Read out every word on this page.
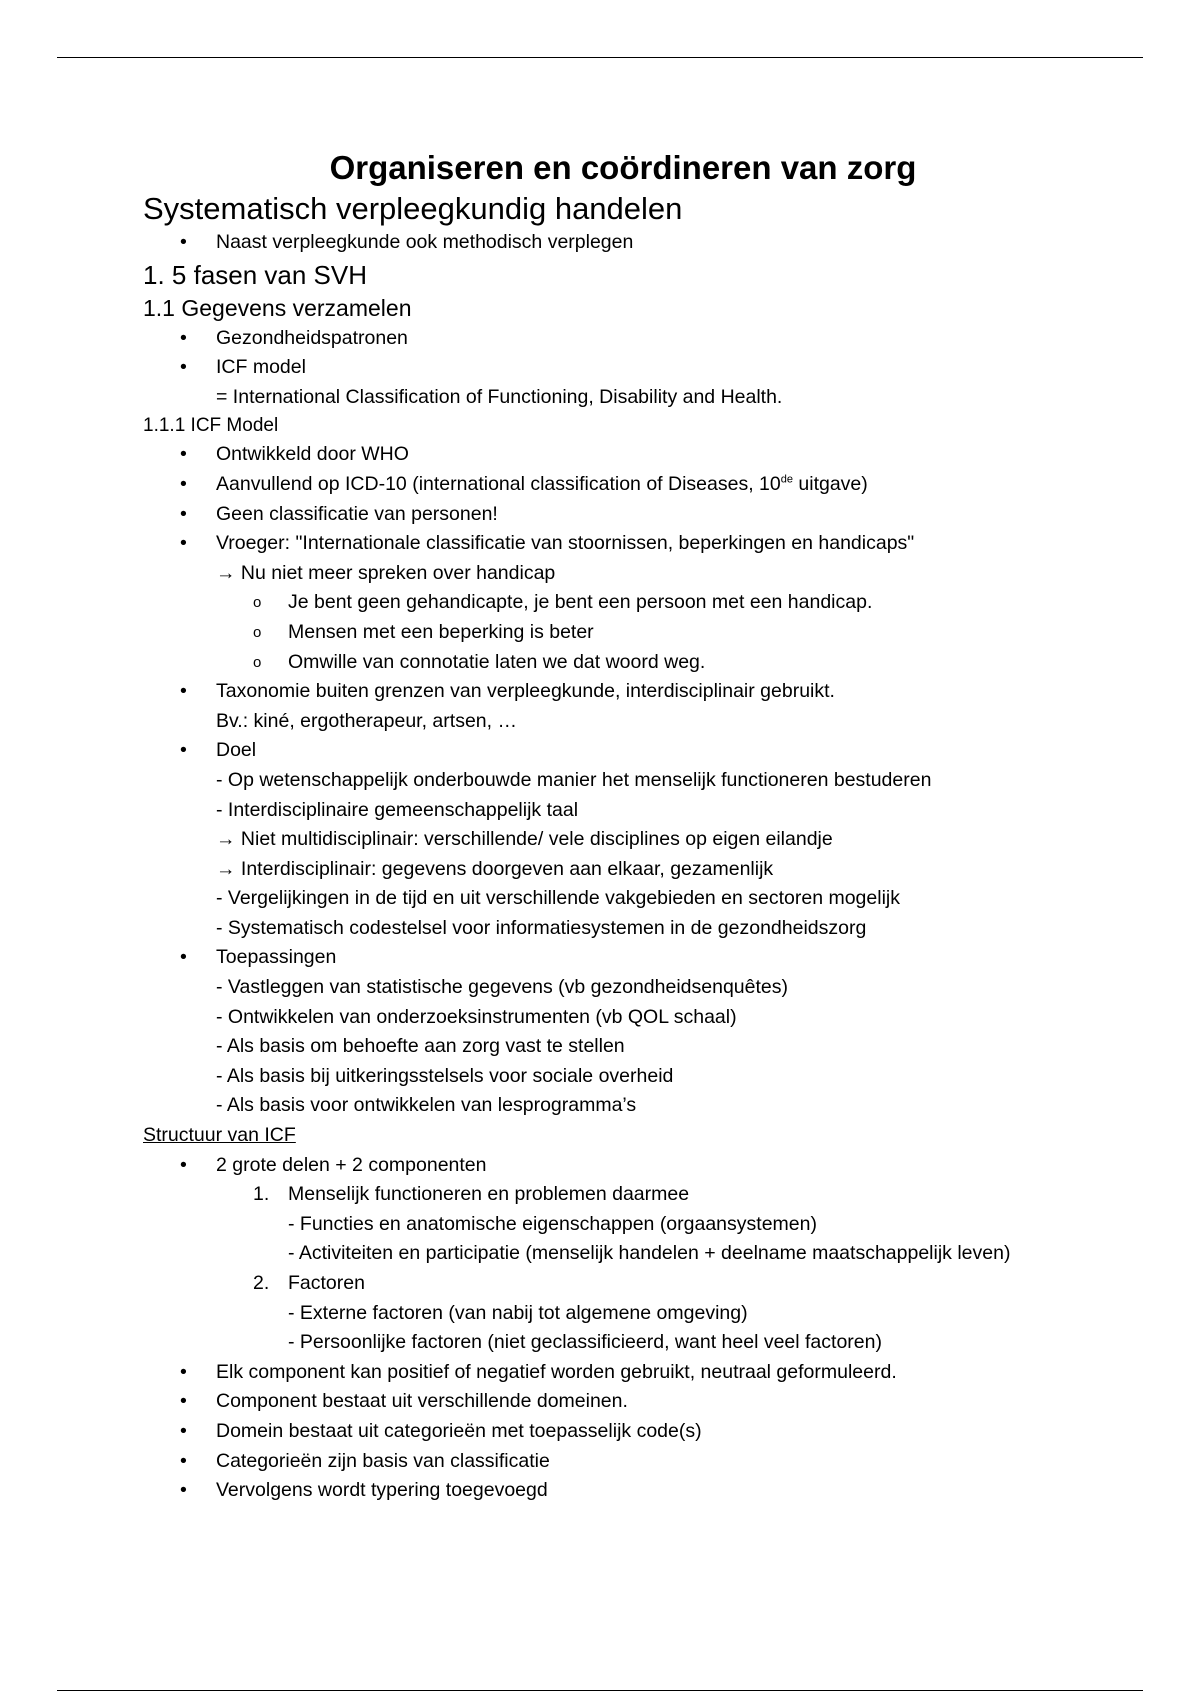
Organiseren en coördineren van zorg
Systematisch verpleegkundig handelen
• Naast verpleegkunde ook methodisch verplegen
1. 5 fasen van SVH
1.1 Gegevens verzamelen
• Gezondheidspatronen
• ICF model
= International Classification of Functioning, Disability and Health.
1.1.1 ICF Model
• Ontwikkeld door WHO
• Aanvullend op ICD-10 (international classification of Diseases, 10de uitgave)
• Geen classificatie van personen!
• Vroeger: "Internationale classificatie van stoornissen, beperkingen en handicaps"
→ Nu niet meer spreken over handicap
o Je bent geen gehandicapte, je bent een persoon met een handicap.
o Mensen met een beperking is beter
o Omwille van connotatie laten we dat woord weg.
• Taxonomie buiten grenzen van verpleegkunde, interdisciplinair gebruikt.
Bv.: kiné, ergotherapeur, artsen, …
• Doel
- Op wetenschappelijk onderbouwde manier het menselijk functioneren bestuderen
- Interdisciplinaire gemeenschappelijk taal
→ Niet multidisciplinair: verschillende/ vele disciplines op eigen eilandje
→ Interdisciplinair: gegevens doorgeven aan elkaar, gezamenlijk
- Vergelijkingen in de tijd en uit verschillende vakgebieden en sectoren mogelijk
- Systematisch codestelsel voor informatiesystemen in de gezondheidszorg
• Toepassingen
- Vastleggen van statistische gegevens (vb gezondheidsenquêtes)
- Ontwikkelen van onderzoeksinstrumenten (vb QOL schaal)
- Als basis om behoefte aan zorg vast te stellen
- Als basis bij uitkeringsstelsels voor sociale overheid
- Als basis voor ontwikkelen van lesprogramma’s
Structuur van ICF
• 2 grote delen + 2 componenten
1. Menselijk functioneren en problemen daarmee
- Functies en anatomische eigenschappen (orgaansystemen)
- Activiteiten en participatie (menselijk handelen + deelname maatschappelijk leven)
2. Factoren
- Externe factoren (van nabij tot algemene omgeving)
- Persoonlijke factoren (niet geclassificieerd, want heel veel factoren)
• Elk component kan positief of negatief worden gebruikt, neutraal geformuleerd.
• Component bestaat uit verschillende domeinen.
• Domein bestaat uit categorieën met toepasselijk code(s)
• Categorieën zijn basis van classificatie
• Vervolgens wordt typering toegevoegd
